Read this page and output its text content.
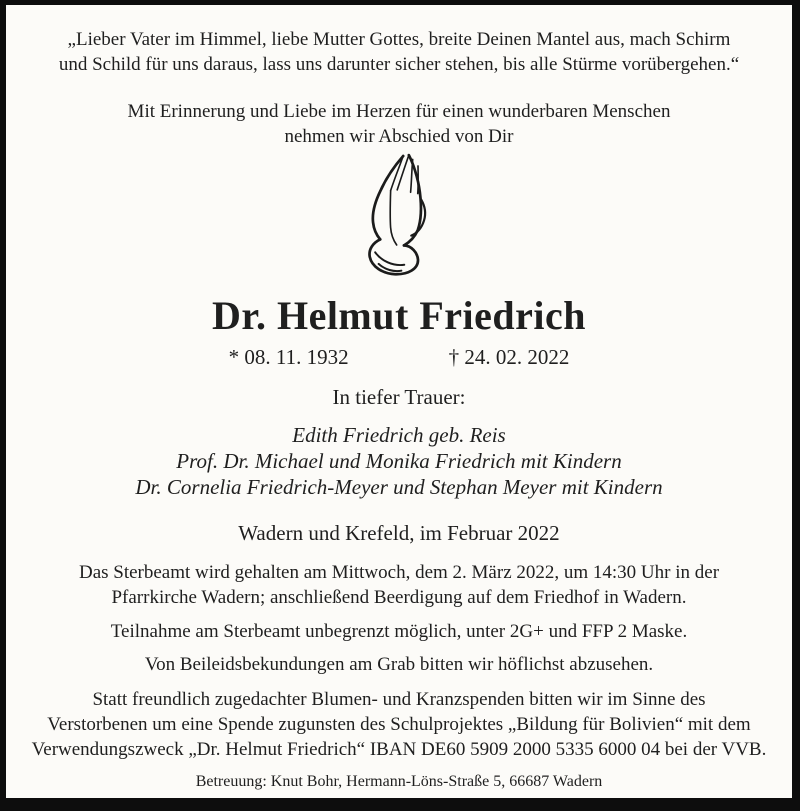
„Lieber Vater im Himmel, liebe Mutter Gottes, breite Deinen Mantel aus, mach Schirm
und Schild für uns daraus, lass uns darunter sicher stehen, bis alle Stürme vorübergehen.“
Mit Erinnerung und Liebe im Herzen für einen wunderbaren Menschen
nehmen wir Abschied von Dir
Dr. Helmut Friedrich
* 08. 11. 1932	† 24. 02. 2022
In tiefer Trauer:
Edith Friedrich geb. Reis
Prof. Dr. Michael und Monika Friedrich mit Kindern
Dr. Cornelia Friedrich-Meyer und Stephan Meyer mit Kindern
Wadern und Krefeld, im Februar 2022
Das Sterbeamt wird gehalten am Mittwoch, dem 2. März 2022, um 14:30 Uhr in der
Pfarrkirche Wadern; anschließend Beerdigung auf dem Friedhof in Wadern.
Teilnahme am Sterbeamt unbegrenzt möglich, unter 2G+ und FFP 2 Maske.
Von Beileidsbekundungen am Grab bitten wir höflichst abzusehen.
Statt freundlich zugedachter Blumen- und Kranzspenden bitten wir im Sinne des
Verstorbenen um eine Spende zugunsten des Schulprojektes „Bildung für Bolivien“ mit dem
Verwendungszweck „Dr. Helmut Friedrich“ IBAN DE60 5909 2000 5335 6000 04 bei der VVB.
Betreuung: Knut Bohr, Hermann-Löns-Straße 5, 66687 Wadern
